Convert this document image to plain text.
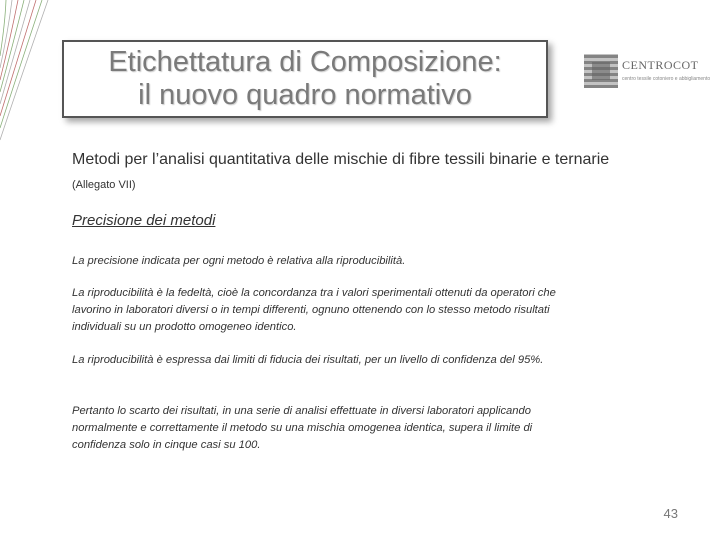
Etichettatura di Composizione:
il nuovo quadro normativo
CENTROCOT
centro tessile cotoniero e abbigliamento
Metodi per l’analisi quantitativa delle mischie di fibre tessili binarie e ternarie (Allegato VII)
Precisione dei metodi
La precisione indicata per ogni metodo è relativa alla riproducibilità.
La riproducibilità è la fedeltà, cioè la concordanza tra i valori sperimentali ottenuti da operatori che lavorino in laboratori diversi o in tempi differenti, ognuno ottenendo con lo stesso metodo risultati individuali su un prodotto omogeneo identico.
La riproducibilità è espressa dai limiti di fiducia dei risultati, per un livello di confidenza del 95%.
Pertanto lo scarto dei risultati, in una serie di analisi effettuate in diversi laboratori applicando normalmente e correttamente il metodo su una mischia omogenea identica, supera il limite di confidenza solo in cinque casi su 100.
43
